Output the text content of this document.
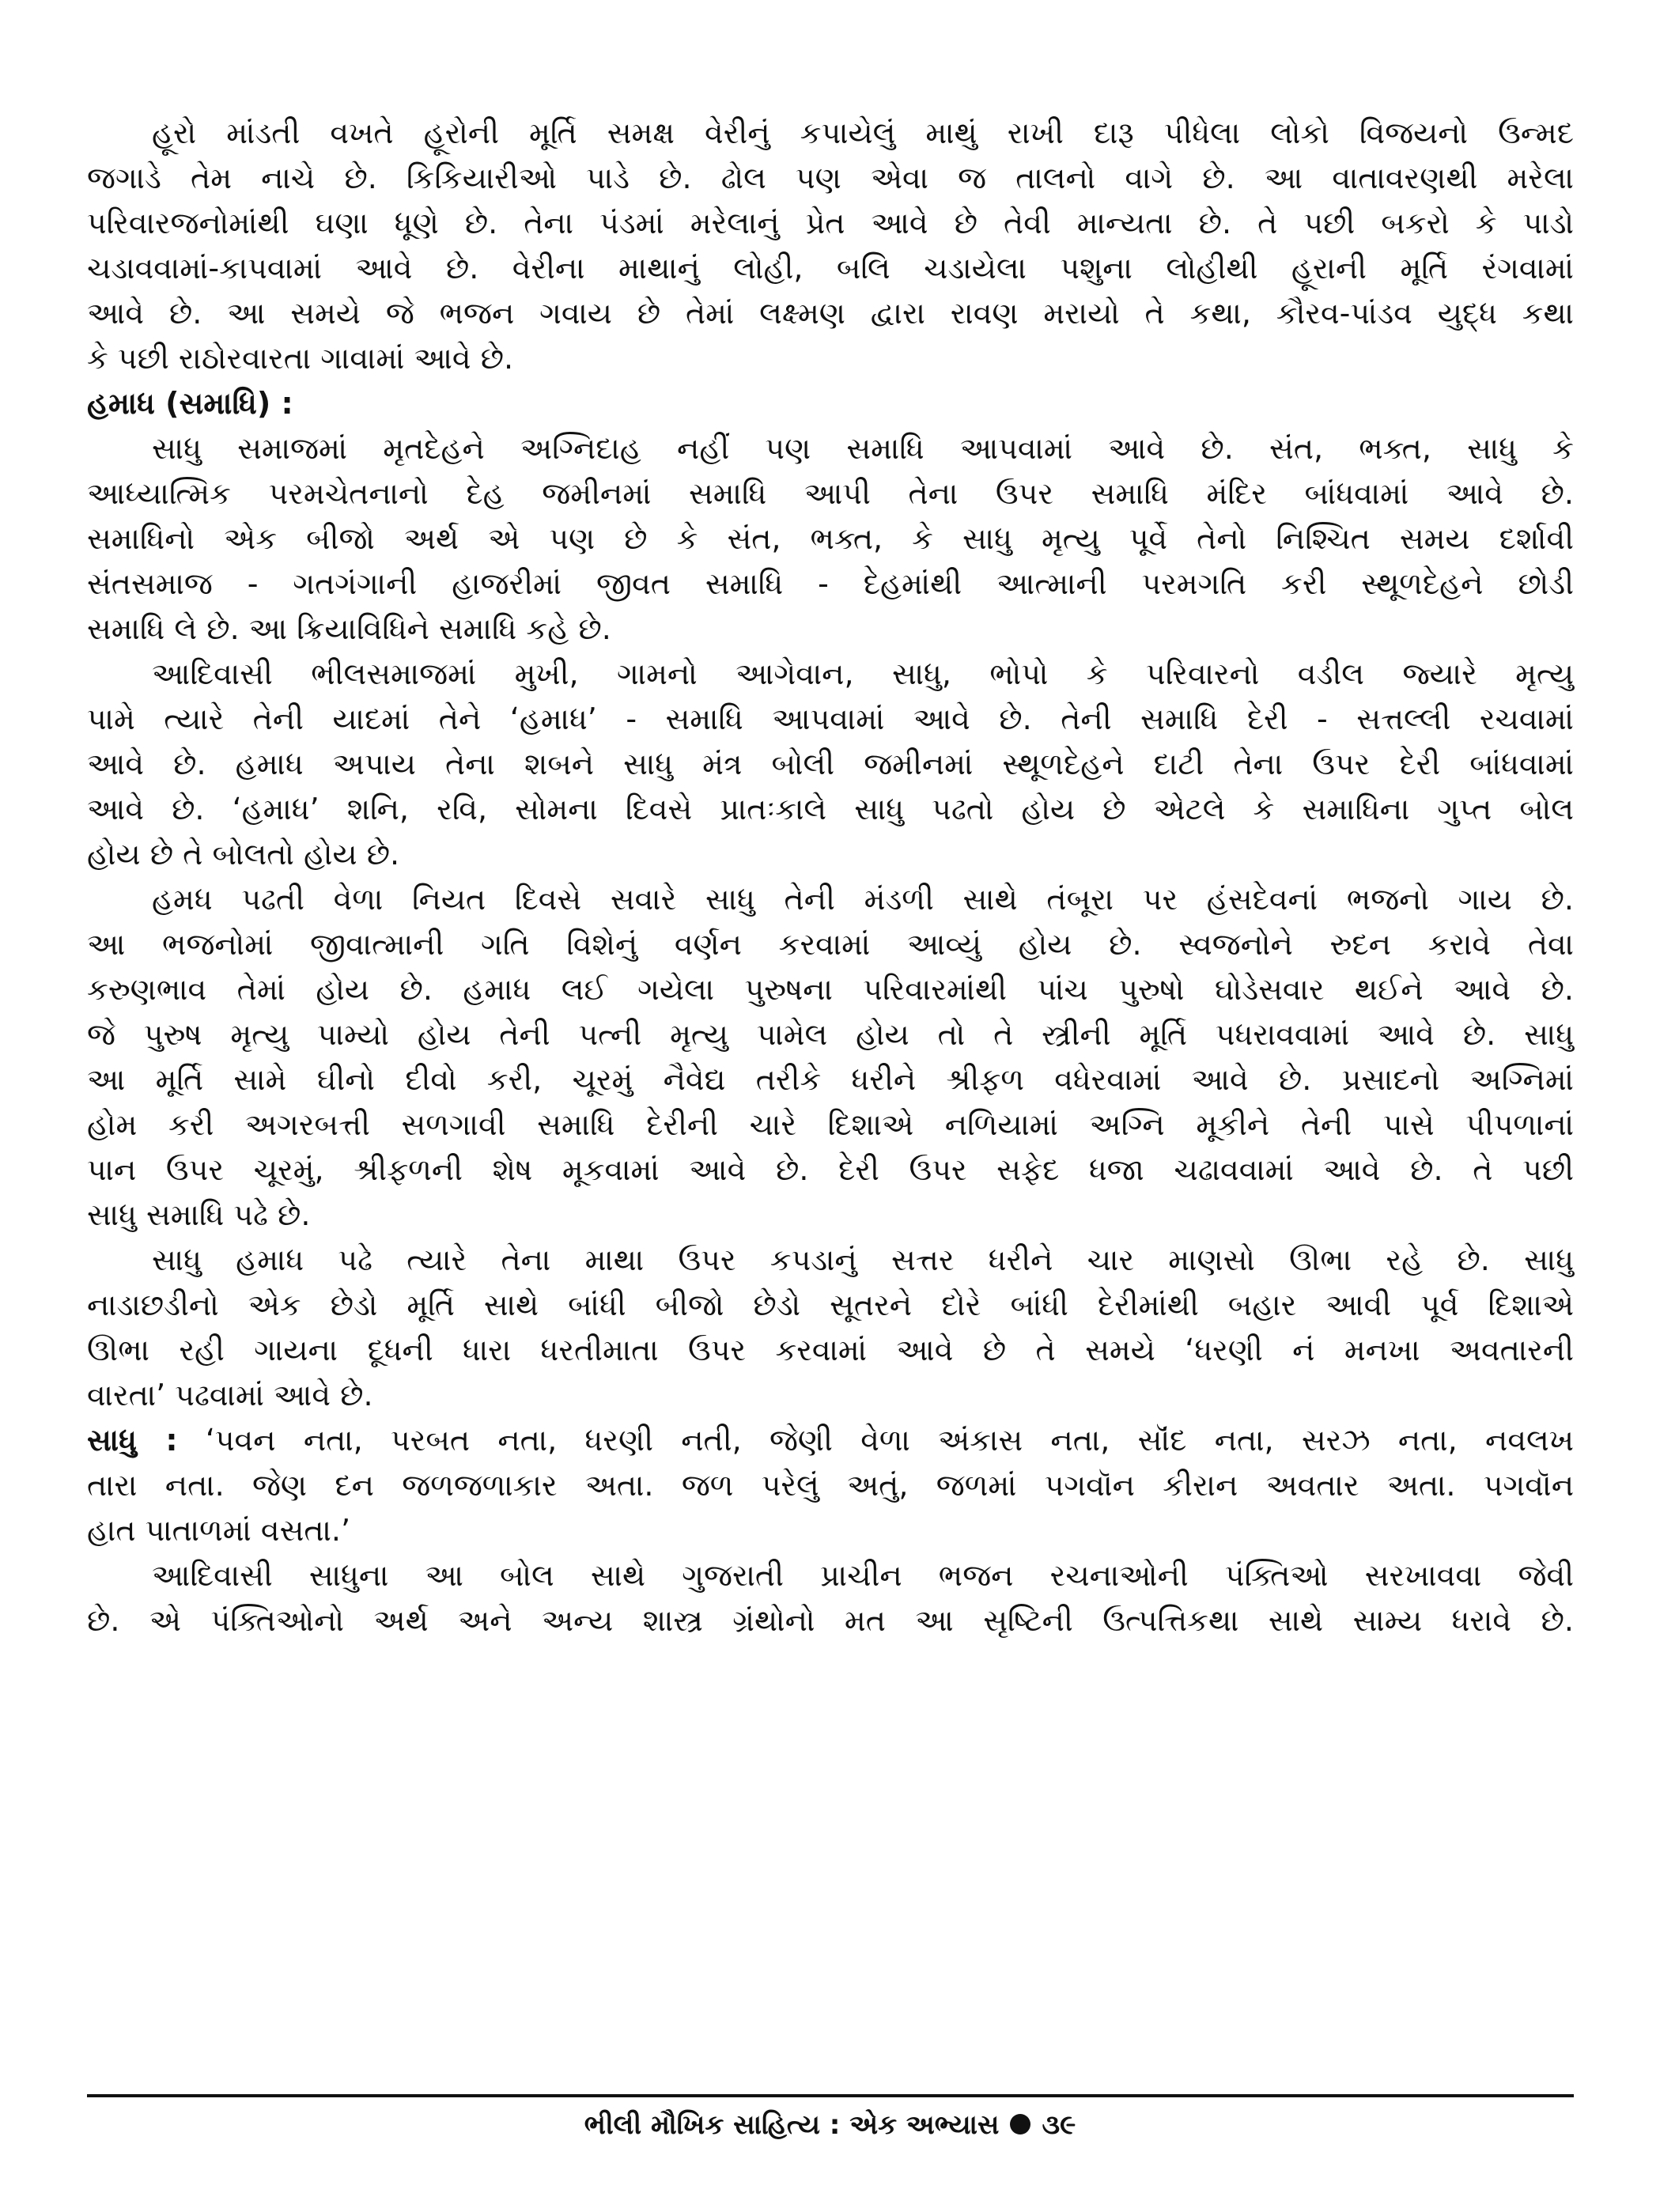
હૂરો માંડતી વખતે હૂરોની મૂર્તિ સમક્ષ વેરીનું કપાયેલું માથું રાખી દારૂ પીધેલા લોકો વિજયનો ઉન્મદ
જગાડે તેમ નાચે છે. કિકિયારીઓ પાડે છે. ઢોલ પણ એવા જ તાલનો વાગે છે. આ વાતાવરણથી મરેલા
પરિવારજનોમાંથી ઘણા ધૂણે છે. તેના પંડમાં મરેલાનું પ્રેત આવે છે તેવી માન્યતા છે. તે પછી બકરો કે પાડો
ચડાવવામાં-કાપવામાં આવે છે. વેરીના માથાનું લોહી, બલિ ચડાયેલા પશુના લોહીથી હૂરાની મૂર્તિ રંગવામાં
આવે છે. આ સમયે જે ભજન ગવાય છે તેમાં લક્ષ્મણ દ્વારા રાવણ મરાયો તે કથા, કૌરવ-પાંડવ યુદ્ધ કથા
કે પછી રાઠોરવારતા ગાવામાં આવે છે.
હમાધ (સમાધિ) :
સાધુ સમાજમાં મૃતદેહને અગ્નિદાહ નહીં પણ સમાધિ આપવામાં આવે છે. સંત, ભક્ત, સાધુ કે
આધ્યાત્મિક પરમચેતનાનો દેહ જમીનમાં સમાધિ આપી તેના ઉપર સમાધિ મંદિર બાંધવામાં આવે છે.
સમાધિનો એક બીજો અર્થ એ પણ છે કે સંત, ભક્ત, કે સાધુ મૃત્યુ પૂર્વે તેનો નિશ્ચિત સમય દર્શાવી
સંતસમાજ - ગતગંગાની હાજરીમાં જીવત સમાધિ - દેહમાંથી આત્માની પરમગતિ કરી સ્થૂળદેહને છોડી
સમાધિ લે છે. આ ક્રિયાવિધિને સમાધિ કહે છે.
આદિવાસી ભીલસમાજમાં મુખી, ગામનો આગેવાન, સાધુ, ભોપો કે પરિવારનો વડીલ જ્યારે મૃત્યુ
પામે ત્યારે તેની યાદમાં તેને ‘હમાધ’ - સમાધિ આપવામાં આવે છે. તેની સમાધિ દેરી - સત્તલ્લી રચવામાં
આવે છે. હમાધ અપાય તેના શબને સાધુ મંત્ર બોલી જમીનમાં સ્થૂળદેહને દાટી તેના ઉપર દેરી બાંધવામાં
આવે છે. ‘હમાધ’ શનિ, રવિ, સોમના દિવસે પ્રાતઃકાલે સાધુ પઢતો હોય છે એટલે કે સમાધિના ગુપ્ત બોલ
હોય છે તે બોલતો હોય છે.
હમધ પઢતી વેળા નિયત દિવસે સવારે સાધુ તેની મંડળી સાથે તંબૂરા પર હંસદેવનાં ભજનો ગાય છે.
આ ભજનોમાં જીવાત્માની ગતિ વિશેનું વર્ણન કરવામાં આવ્યું હોય છે. સ્વજનોને રુદન કરાવે તેવા
કરુણભાવ તેમાં હોય છે. હમાધ લઈ ગયેલા પુરુષના પરિવારમાંથી પાંચ પુરુષો ઘોડેસવાર થઈને આવે છે.
જે પુરુષ મૃત્યુ પામ્યો હોય તેની પત્ની મૃત્યુ પામેલ હોય તો તે સ્ત્રીની મૂર્તિ પધરાવવામાં આવે છે. સાધુ
આ મૂર્તિ સામે ઘીનો દીવો કરી, ચૂરમું નૈવેદ્ય તરીકે ધરીને શ્રીફળ વધેરવામાં આવે છે. પ્રસાદનો અગ્નિમાં
હોમ કરી અગરબત્તી સળગાવી સમાધિ દેરીની ચારે દિશાએ નળિયામાં અગ્નિ મૂકીને તેની પાસે પીપળાનાં
પાન ઉપર ચૂરમું, શ્રીફળની શેષ મૂકવામાં આવે છે. દેરી ઉપર સફેદ ધજા ચઢાવવામાં આવે છે. તે પછી
સાધુ સમાધિ પઢે છે.
સાધુ હમાધ પઢે ત્યારે તેના માથા ઉપર કપડાનું સત્તર ધરીને ચાર માણસો ઊભા રહે છે. સાધુ
નાડાછડીનો એક છેડો મૂર્તિ સાથે બાંધી બીજો છેડો સૂતરને દોરે બાંધી દેરીમાંથી બહાર આવી પૂર્વ દિશાએ
ઊભા રહી ગાયના દૂધની ધારા ધરતીમાતા ઉપર કરવામાં આવે છે તે સમયે ‘ધરણી નં મનખા અવતારની
વારતા’ પઢવામાં આવે છે.
સાધુ : ‘પવન નતા, પરબત નતા, ધરણી નતી, જેણી વેળા અંકાસ નતા, સૉંદ નતા, સરઝ નતા, નવલખ
તારા નતા. જેણ દન જળજળાકાર અતા. જળ પરેલું અતું, જળમાં પગવૉન કીરાન અવતાર અતા. પગવૉન
હાત પાતાળમાં વસતા.’
આદિવાસી સાધુના આ બોલ સાથે ગુજરાતી પ્રાચીન ભજન રચનાઓની પંક્તિઓ સરખાવવા જેવી
છે. એ પંક્તિઓનો અર્થ અને અન્ય શાસ્ત્ર ગ્રંથોનો મત આ સૃષ્ટિની ઉત્પત્તિકથા સાથે સામ્ય ધરાવે છે.
ભીલી મૌખિક સાહિત્ય : એક અભ્યાસ ૩૯
